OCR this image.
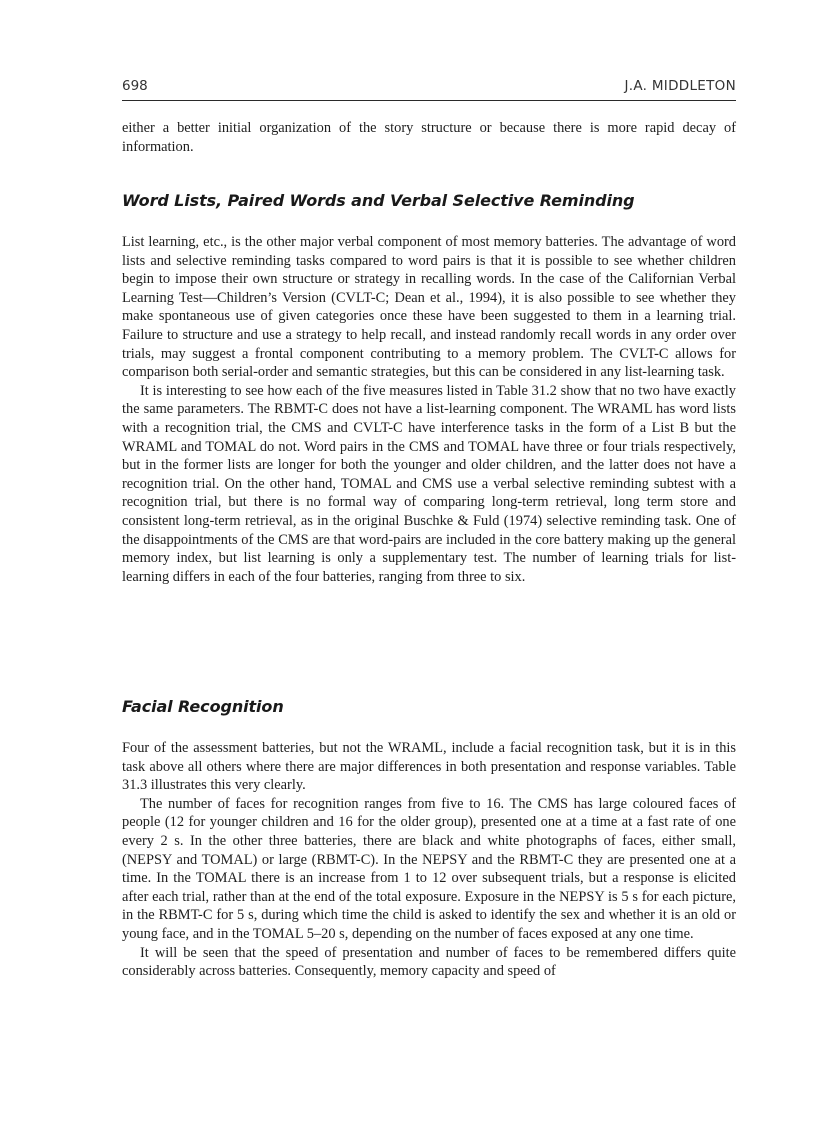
698	J.A. MIDDLETON

either a better initial organization of the story structure or because there is more rapid decay of information.

Word Lists, Paired Words and Verbal Selective Reminding

List learning, etc., is the other major verbal component of most memory batteries. The advantage of word lists and selective reminding tasks compared to word pairs is that it is possible to see whether children begin to impose their own structure or strategy in recalling words. In the case of the Californian Verbal Learning Test—Children’s Version (CVLT-C; Dean et al., 1994), it is also possible to see whether they make spontaneous use of given categories once these have been suggested to them in a learning trial. Failure to structure and use a strategy to help recall, and instead randomly recall words in any order over trials, may suggest a frontal component contributing to a memory problem. The CVLT-C allows for comparison both serial-order and semantic strategies, but this can be considered in any list-learning task.

It is interesting to see how each of the five measures listed in Table 31.2 show that no two have exactly the same parameters. The RBMT-C does not have a list-learning component. The WRAML has word lists with a recognition trial, the CMS and CVLT-C have interference tasks in the form of a List B but the WRAML and TOMAL do not. Word pairs in the CMS and TOMAL have three or four trials respectively, but in the former lists are longer for both the younger and older children, and the latter does not have a recognition trial. On the other hand, TOMAL and CMS use a verbal selective reminding subtest with a recognition trial, but there is no formal way of comparing long-term retrieval, long term store and consistent long-term retrieval, as in the original Buschke & Fuld (1974) selective reminding task. One of the disappointments of the CMS are that word-pairs are included in the core battery making up the general memory index, but list learning is only a supplementary test. The number of learning trials for list-learning differs in each of the four batteries, ranging from three to six.

Facial Recognition

Four of the assessment batteries, but not the WRAML, include a facial recognition task, but it is in this task above all others where there are major differences in both presentation and response variables. Table 31.3 illustrates this very clearly.

The number of faces for recognition ranges from five to 16. The CMS has large coloured faces of people (12 for younger children and 16 for the older group), presented one at a time at a fast rate of one every 2 s. In the other three batteries, there are black and white photographs of faces, either small, (NEPSY and TOMAL) or large (RBMT-C). In the NEPSY and the RBMT-C they are presented one at a time. In the TOMAL there is an increase from 1 to 12 over subsequent trials, but a response is elicited after each trial, rather than at the end of the total exposure. Exposure in the NEPSY is 5 s for each picture, in the RBMT-C for 5 s, during which time the child is asked to identify the sex and whether it is an old or young face, and in the TOMAL 5–20 s, depending on the number of faces exposed at any one time.

It will be seen that the speed of presentation and number of faces to be remembered differs quite considerably across batteries. Consequently, memory capacity and speed of
